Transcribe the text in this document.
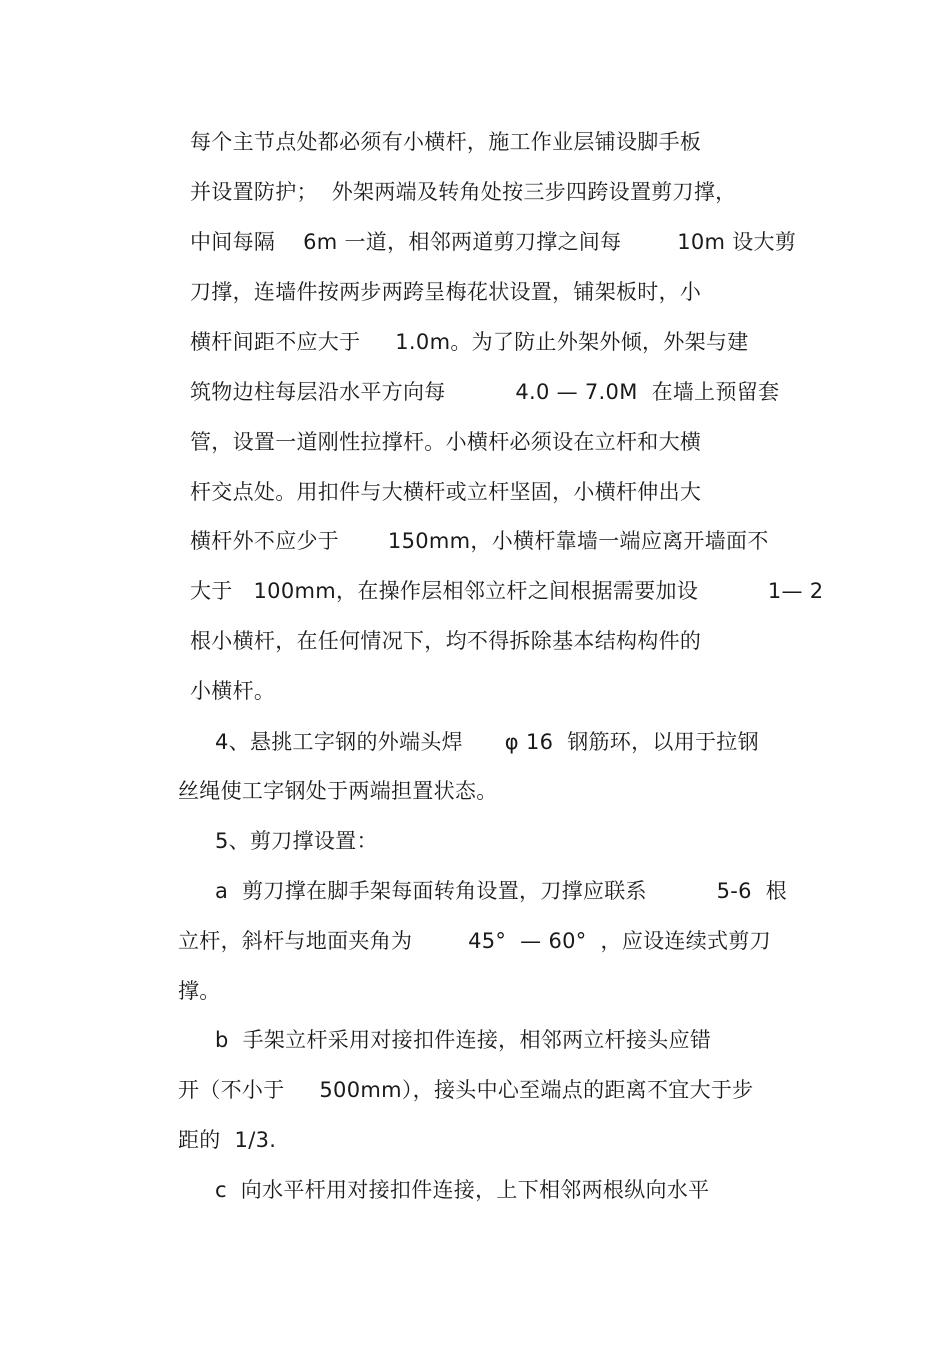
每个主节点处都必须有小横杆，施工作业层铺设脚手板
并设置防护；  外架两端及转角处按三步四跨设置剪刀撑，
中间每隔    6m 一道，相邻两道剪刀撑之间每        10m 设大剪
刀撑，连墙件按两步两跨呈梅花状设置，铺架板时，小
横杆间距不应大于     1.0m。为了防止外架外倾，外架与建
筑物边柱每层沿水平方向每          4.0 — 7.0M  在墙上预留套
管，设置一道刚性拉撑杆。小横杆必须设在立杆和大横
杆交点处。用扣件与大横杆或立杆坚固，小横杆伸出大
横杆外不应少于       150mm，小横杆靠墙一端应离开墙面不
大于   100mm，在操作层相邻立杆之间根据需要加设          1— 2
根小横杆，在任何情况下，均不得拆除基本结构构件的
小横杆。
4、悬挑工字钢的外端头焊      φ 16  钢筋环，以用于拉钢
丝绳使工字钢处于两端担置状态。
5、剪刀撑设置：
a  剪刀撑在脚手架每面转角设置，刀撑应联系          5-6  根
立杆，斜杆与地面夹角为        45°  — 60°  ，应设连续式剪刀
撑。
b  手架立杆采用对接扣件连接，相邻两立杆接头应错
开（不小于     500mm），接头中心至端点的距离不宜大于步
距的  1/3.
c  向水平杆用对接扣件连接，上下相邻两根纵向水平
